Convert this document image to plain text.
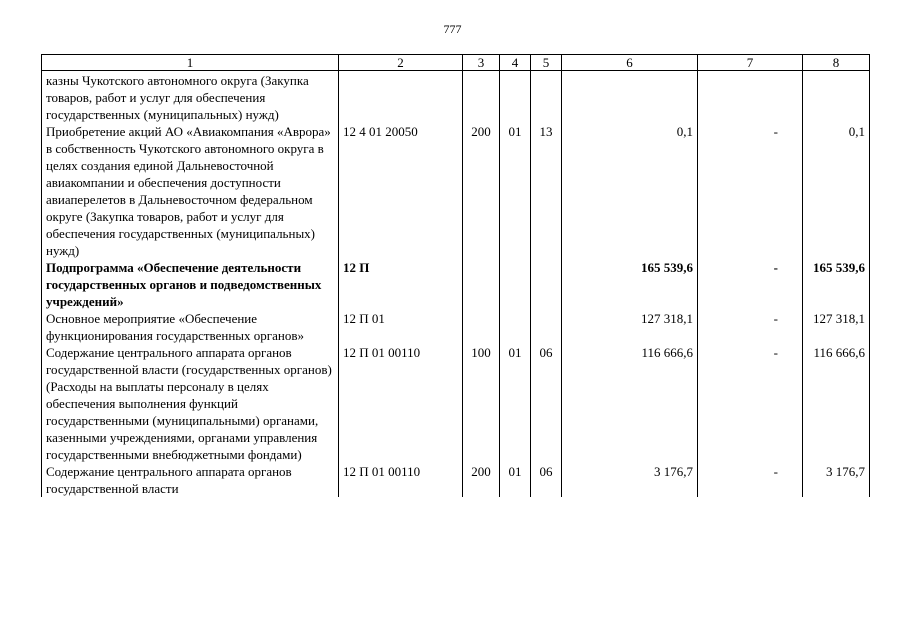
777
1	2	3	4	5	6	7	8
казны Чукотского автономного округа (Закупка товаров, работ и услуг для обеспечения государственных (муниципальных) нужд)							
Приобретение акций АО «Авиакомпания «Аврора» в собственность Чукотского автономного округа в целях создания единой Дальневосточной авиакомпании и обеспечения доступности авиаперелетов в Дальневосточном федеральном округе (Закупка товаров, работ и услуг для обеспечения государственных (муниципальных) нужд)	12 4 01 20050	200	01	13	0,1	-	0,1
Подпрограмма «Обеспечение деятельности государственных органов и подведомственных учреждений»	12 П				165 539,6	-	165 539,6
Основное мероприятие «Обеспечение функционирования государственных органов»	12 П 01				127 318,1	-	127 318,1
Содержание центрального аппарата органов государственной власти (государственных органов) (Расходы на выплаты персоналу в целях обеспечения выполнения функций государственными (муниципальными) органами, казенными учреждениями, органами управления государственными внебюджетными фондами)	12 П 01 00110	100	01	06	116 666,6	-	116 666,6
Содержание центрального аппарата органов государственной власти	12 П 01 00110	200	01	06	3 176,7	-	3 176,7
